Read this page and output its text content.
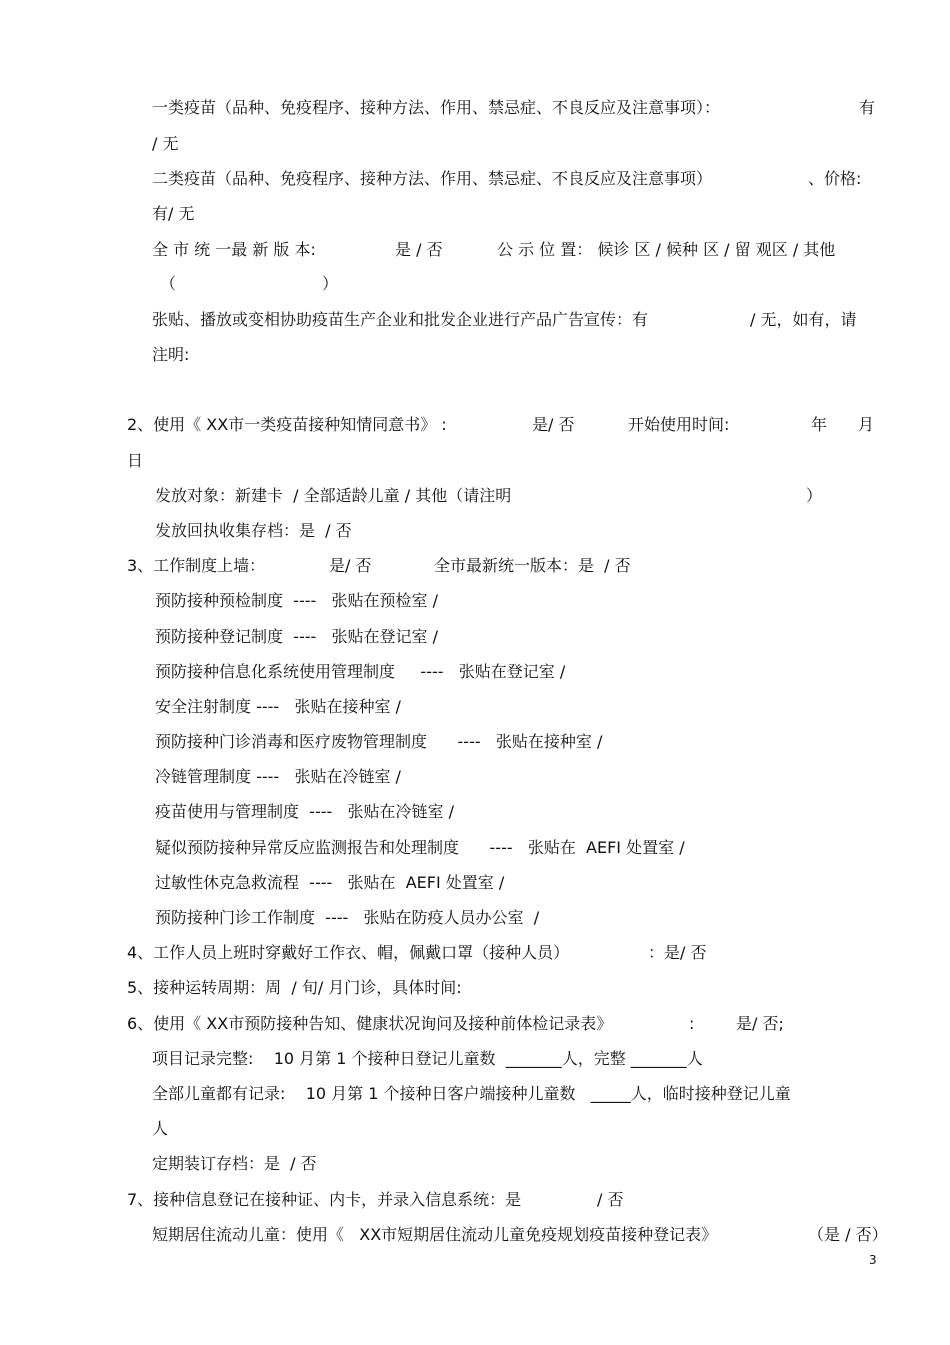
一类疫苗（品种、免疫程序、接种方法、作用、禁忌症、不良反应及注意事项）：	有
/ 无
二类疫苗（品种、免疫程序、接种方法、作用、禁忌症、不良反应及注意事项）	、价格:
有/ 无
全 市 统 一最 新 版 本:	是 / 否	公 示 位 置： 候诊 区 / 候种 区 / 留 观区 / 其他
（	）
张贴、播放或变相协助疫苗生产企业和批发企业进行产品广告宣传：有	/ 无，如有，请
注明:
2、使用《 XX市一类疫苗接种知情同意书》 :	是/ 否	开始使用时间:	年 月
日
发放对象：新建卡  / 全部适龄儿童 / 其他（请注明	）
发放回执收集存档：是  / 否
3、工作制度上墙：	是/ 否	全市最新统一版本：是  / 否
预防接种预检制度  ----   张贴在预检室 /
预防接种登记制度  ----   张贴在登记室 /
预防接种信息化系统使用管理制度     ----   张贴在登记室 /
安全注射制度 ----   张贴在接种室 /
预防接种门诊消毒和医疗废物管理制度      ----   张贴在接种室 /
冷链管理制度 ----   张贴在冷链室 /
疫苗使用与管理制度  ----   张贴在冷链室 /
疑似预防接种异常反应监测报告和处理制度      ----   张贴在  AEFI 处置室 /
过敏性休克急救流程  ----   张贴在  AEFI 处置室 /
预防接种门诊工作制度  ----   张贴在防疫人员办公室  /
4、工作人员上班时穿戴好工作衣、帽，佩戴口罩（接种人员）	：是/ 否
5、接种运转周期：周  / 旬/ 月门诊，具体时间:
6、使用《 XX市预防接种告知、健康状况询问及接种前体检记录表》	:	是/ 否;
项目记录完整:    10 月第 1 个接种日登记儿童数  _______人，完整 _______人
全部儿童都有记录:    10 月第 1 个接种日客户端接种儿童数   _____人，临时接种登记儿童
人
定期装订存档：是  / 否
7、接种信息登记在接种证、内卡，并录入信息系统：是	/ 否
短期居住流动儿童：使用《   XX市短期居住流动儿童免疫规划疫苗接种登记表》	（是 / 否）
3
